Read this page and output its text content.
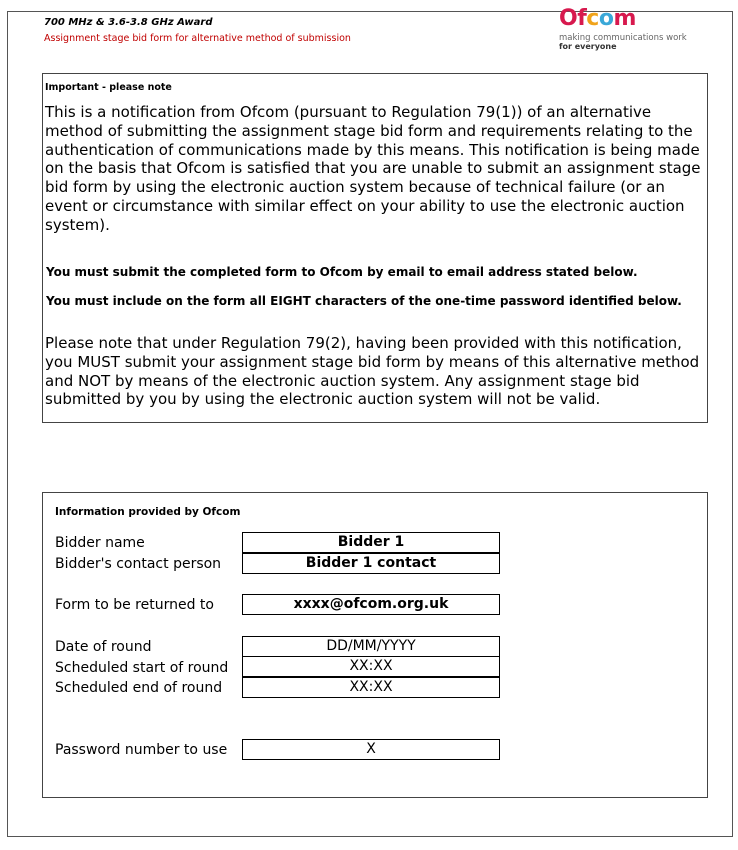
700 MHz & 3.6-3.8 GHz Award
Assignment stage bid form for alternative method of submission
Ofcom
making communications work
for everyone
Important - please note

This is a notification from Ofcom (pursuant to Regulation 79(1)) of an alternative method of submitting the assignment stage bid form and requirements relating to the authentication of communications made by this means. This notification is being made on the basis that Ofcom is satisfied that you are unable to submit an assignment stage bid form by using the electronic auction system because of technical failure (or an event or circumstance with similar effect on your ability to use the electronic auction system).

You must submit the completed form to Ofcom by email to email address stated below.
You must include on the form all EIGHT characters of the one-time password identified below.

Please note that under Regulation 79(2), having been provided with this notification, you MUST submit your assignment stage bid form by means of this alternative method and NOT by means of the electronic auction system. Any assignment stage bid submitted by you by using the electronic auction system will not be valid.

Information provided by Ofcom
Bidder name	Bidder 1
Bidder's contact person	Bidder 1 contact
Form to be returned to	xxxx@ofcom.org.uk
Date of round	DD/MM/YYYY
Scheduled start of round	XX:XX
Scheduled end of round	XX:XX
Password number to use	X
